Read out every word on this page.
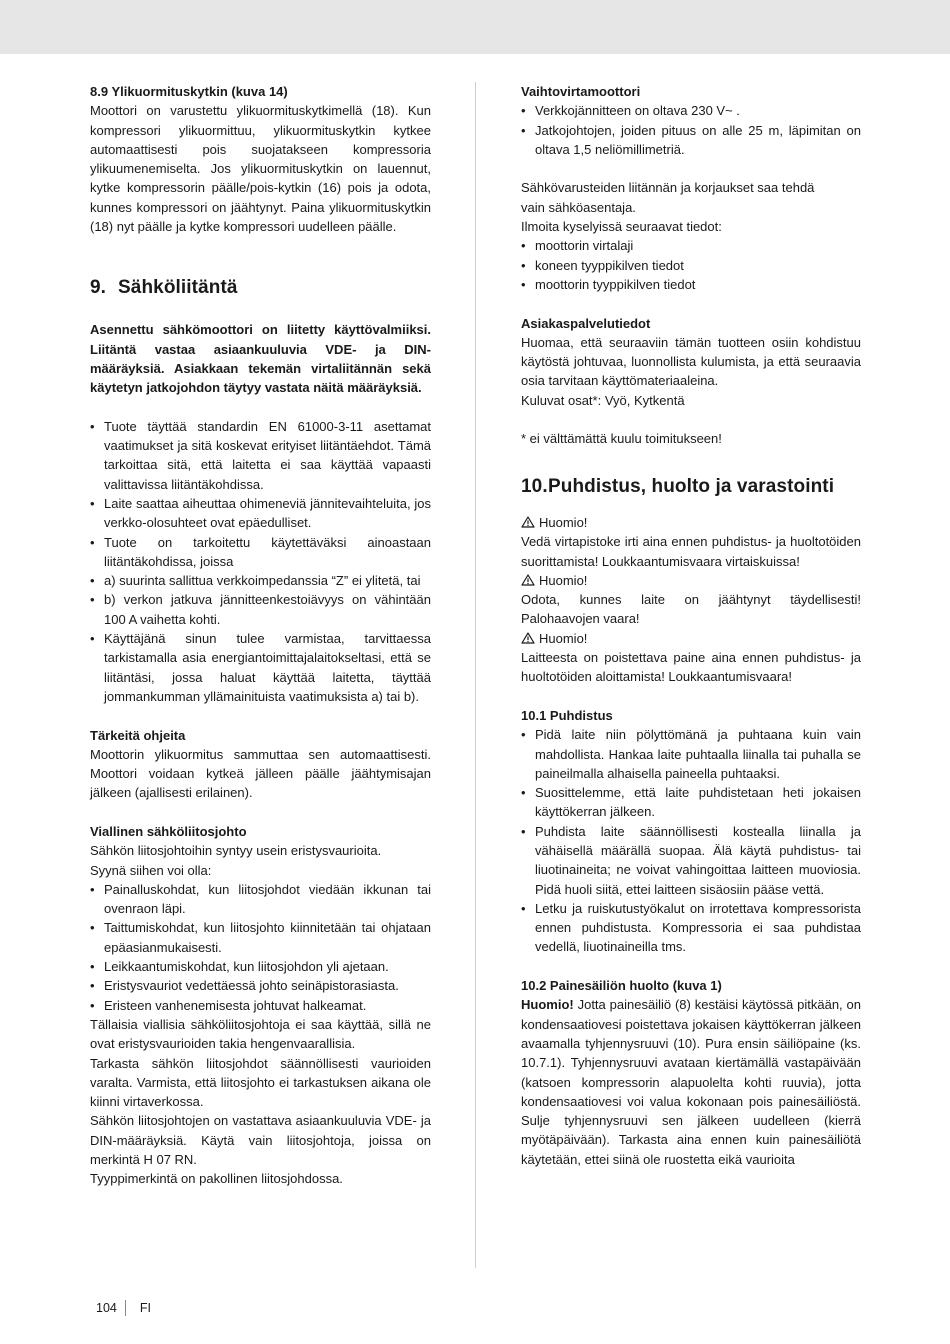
8.9 Ylikuormituskytkin (kuva 14)

Moottori on varustettu ylikuormituskytkimellä (18). Kun kompressori ylikuormittuu, ylikuormituskytkin kytkee automaattisesti pois suojatakseen kompressoria ylikuumenemiselta. Jos ylikuormituskytkin on lauennut, kytke kompressorin päälle/pois-kytkin (16) pois ja odota, kunnes kompressori on jäähtynyt. Paina ylikuormituskytkin (18) nyt päälle ja kytke kompressori uudelleen päälle.

9. Sähköliitäntä

Asennettu sähkömoottori on liitetty käyttövalmiiksi. Liitäntä vastaa asiaankuuluvia VDE- ja DIN-määräyksiä. Asiakkaan tekemän virtaliitännän sekä käytetyn jatkojohdon täytyy vastata näitä määräyksiä.

• Tuote täyttää standardin EN 61000-3-11 asettamat vaatimukset ja sitä koskevat erityiset liitäntäehdot. Tämä tarkoittaa sitä, että laitetta ei saa käyttää vapaasti valittavissa liitäntäkohdissa.
• Laite saattaa aiheuttaa ohimeneviä jännitevaihteluita, jos verkko-olosuhteet ovat epäedulliset.
• Tuote on tarkoitettu käytettäväksi ainoastaan liitäntäkohdissa, joissa
• a) suurinta sallittua verkkoimpedanssia “Z” ei ylitetä, tai
• b) verkon jatkuva jännitteenkestoiävyys on vähintään 100 A vaihetta kohti.
• Käyttäjänä sinun tulee varmistaa, tarvittaessa tarkistamalla asia energiantoimittajalaitokseltasi, että se liitäntäsi, jossa haluat käyttää laitetta, täyttää jommankumman yllämainituista vaatimuksista a) tai b).

Tärkeitä ohjeita

Moottorin ylikuormitus sammuttaa sen automaattisesti. Moottori voidaan kytkeä jälleen päälle jäähtymisajan jälkeen (ajallisesti erilainen).

Viallinen sähköliitosjohto

Sähkön liitosjohtoihin syntyy usein eristysvaurioita.

Syynä siihen voi olla:

• Painalluskohdat, kun liitosjohdot viedään ikkunan tai ovenraon läpi.
• Taittumiskohdat, kun liitosjohto kiinnitetään tai ohjataan epäasianmukaisesti.
• Leikkaantumiskohdat, kun liitosjohdon yli ajetaan.
• Eristysvauriot vedettäessä johto seinäpistorasiasta.
• Eristeen vanhenemisesta johtuvat halkeamat.

Tällaisia viallisia sähköliitosjohtoja ei saa käyttää, sillä ne ovat eristysvaurioiden takia hengenvaarallisia.

Tarkasta sähkön liitosjohdot säännöllisesti vaurioiden varalta. Varmista, että liitosjohto ei tarkastuksen aikana ole kiinni virtaverkossa.

Sähkön liitosjohtojen on vastattava asiaankuuluvia VDE- ja DIN-määräyksiä. Käytä vain liitosjohtoja, joissa on merkintä H 07 RN.

Tyyppimerkintä on pakollinen liitosjohdossa.

Vaihtovirtamoottori

• Verkkojännitteen on oltava 230 V~ .
• Jatkojohtojen, joiden pituus on alle 25 m, läpimitan on oltava 1,5 neliömillimetriä.

Sähkövarusteiden liitännän ja korjaukset saa tehdä vain sähköasentaja.

Ilmoita kyselyissä seuraavat tiedot:

• moottorin virtalaji
• koneen tyyppikilven tiedot
• moottorin tyyppikilven tiedot

Asiakaspalvelutiedot

Huomaa, että seuraaviin tämän tuotteen osiin kohdistuu käytöstä johtuvaa, luonnollista kulumista, ja että seuraavia osia tarvitaan käyttömateriaaleina.

Kuluvat osat*: Vyö, Kytkentä

* ei välttämättä kuulu toimitukseen!

10.Puhdistus, huolto ja varastointi

Huomio!

Vedä virtapistoke irti aina ennen puhdistus- ja huoltotöiden suorittamista! Loukkaantumisvaara virtaiskuissa!

Huomio!

Odota, kunnes laite on jäähtynyt täydellisesti! Palohaavojen vaara!

Huomio!

Laitteesta on poistettava paine aina ennen puhdistus- ja huoltotöiden aloittamista! Loukkaantumisvaara!

10.1 Puhdistus

• Pidä laite niin pölyttömänä ja puhtaana kuin vain mahdollista. Hankaa laite puhtaalla liinalla tai puhalla se paineilmalla alhaisella paineella puhtaaksi.
• Suosittelemme, että laite puhdistetaan heti jokaisen käyttökerran jälkeen.
• Puhdista laite säännöllisesti kostealla liinalla ja vähäisellä määrällä suopaa. Älä käytä puhdistus- tai liuotinaineita; ne voivat vahingoittaa laitteen muoviosia. Pidä huoli siitä, ettei laitteen sisäosiin pääse vettä.
• Letku ja ruiskutustyökalut on irrotettava kompressorista ennen puhdistusta. Kompressoria ei saa puhdistaa vedellä, liuotinaineilla tms.

10.2 Painesäiliön huolto (kuva 1)

Huomio! Jotta painesäiliö (8) kestäisi käytössä pitkään, on kondensaatiovesi poistettava jokaisen käyttökerran jälkeen avaamalla tyhjennysruuvi (10). Pura ensin säiliöpaine (ks. 10.7.1). Tyhjennysruuvi avataan kiertämällä vastapäivään (katsoen kompressorin alapuolelta kohti ruuvia), jotta kondensaatiovesi voi valua kokonaan pois painesäiliöstä. Sulje tyhjennysruuvi sen jälkeen uudelleen (kierrä myötäpäivään). Tarkasta aina ennen kuin painesäiliötä käytetään, ettei siinä ole ruostetta eikä vaurioita

104 FI
